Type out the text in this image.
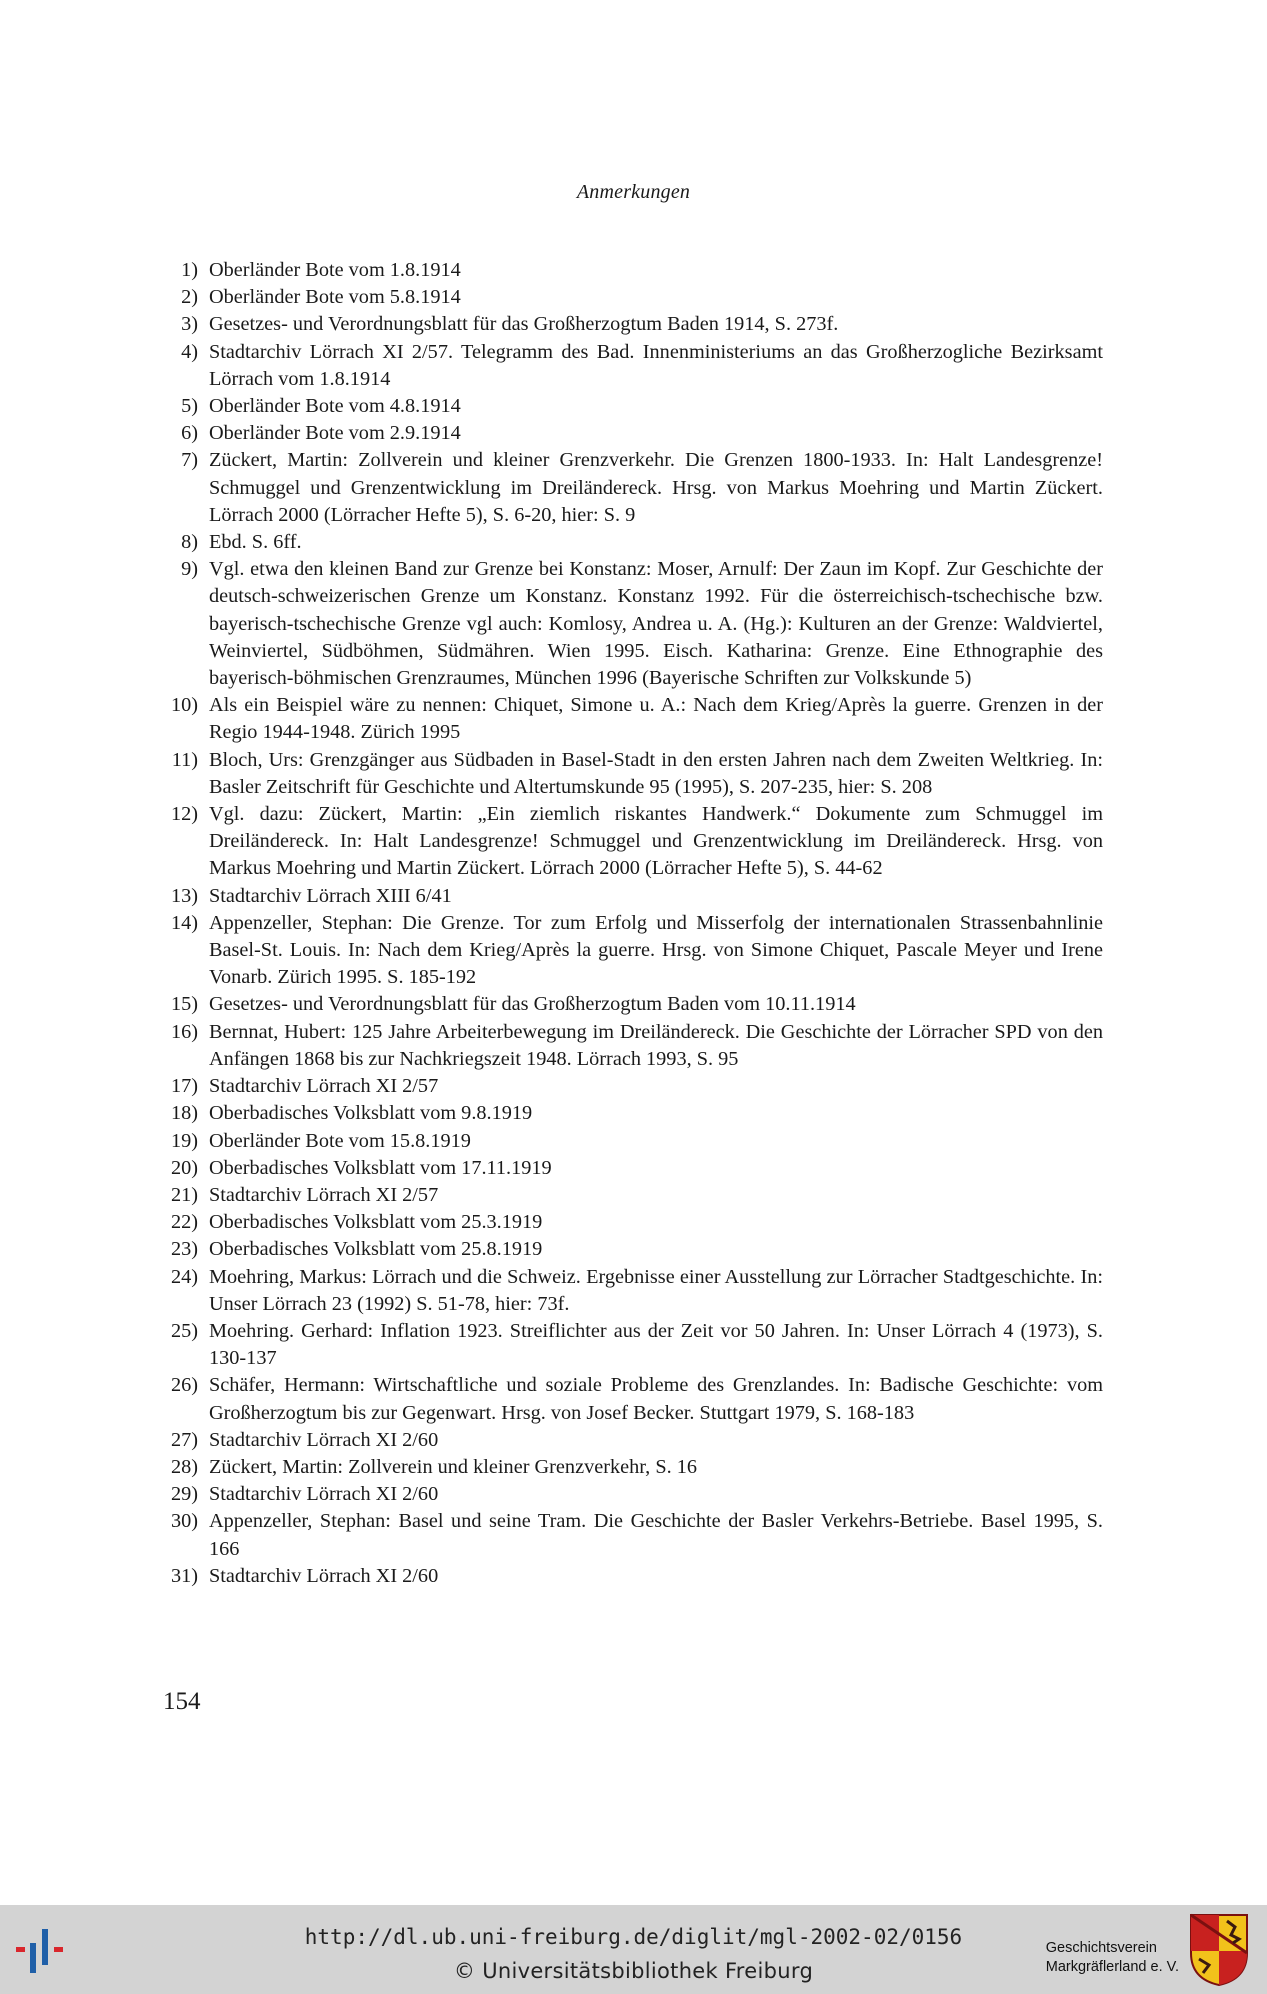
Anmerkungen
1) Oberländer Bote vom 1.8.1914
2) Oberländer Bote vom 5.8.1914
3) Gesetzes- und Verordnungsblatt für das Großherzogtum Baden 1914, S. 273f.
4) Stadtarchiv Lörrach XI 2/57. Telegramm des Bad. Innenministeriums an das Großherzogliche Bezirksamt Lörrach vom 1.8.1914
5) Oberländer Bote vom 4.8.1914
6) Oberländer Bote vom 2.9.1914
7) Zückert, Martin: Zollverein und kleiner Grenzverkehr. Die Grenzen 1800-1933. In: Halt Landesgrenze! Schmuggel und Grenzentwicklung im Dreiländereck. Hrsg. von Markus Moehring und Martin Zückert. Lörrach 2000 (Lörracher Hefte 5), S. 6-20, hier: S. 9
8) Ebd. S. 6ff.
9) Vgl. etwa den kleinen Band zur Grenze bei Konstanz: Moser, Arnulf: Der Zaun im Kopf. Zur Geschichte der deutsch-schweizerischen Grenze um Konstanz. Konstanz 1992. Für die österreichisch-tschechische bzw. bayerisch-tschechische Grenze vgl auch: Komlosy, Andrea u. A. (Hg.): Kulturen an der Grenze: Waldviertel, Weinviertel, Südböhmen, Südmähren. Wien 1995. Eisch. Katharina: Grenze. Eine Ethnographie des bayerisch-böhmischen Grenzraumes, München 1996 (Bayerische Schriften zur Volkskunde 5)
10) Als ein Beispiel wäre zu nennen: Chiquet, Simone u. A.: Nach dem Krieg/Après la guerre. Grenzen in der Regio 1944-1948. Zürich 1995
11) Bloch, Urs: Grenzgänger aus Südbaden in Basel-Stadt in den ersten Jahren nach dem Zweiten Weltkrieg. In: Basler Zeitschrift für Geschichte und Altertumskunde 95 (1995), S. 207-235, hier: S. 208
12) Vgl. dazu: Zückert, Martin: „Ein ziemlich riskantes Handwerk.“ Dokumente zum Schmuggel im Dreiländereck. In: Halt Landesgrenze! Schmuggel und Grenzentwicklung im Dreiländereck. Hrsg. von Markus Moehring und Martin Zückert. Lörrach 2000 (Lörracher Hefte 5), S. 44-62
13) Stadtarchiv Lörrach XIII 6/41
14) Appenzeller, Stephan: Die Grenze. Tor zum Erfolg und Misserfolg der internationalen Strassenbahnlinie Basel-St. Louis. In: Nach dem Krieg/Après la guerre. Hrsg. von Simone Chiquet, Pascale Meyer und Irene Vonarb. Zürich 1995. S. 185-192
15) Gesetzes- und Verordnungsblatt für das Großherzogtum Baden vom 10.11.1914
16) Bernnat, Hubert: 125 Jahre Arbeiterbewegung im Dreiländereck. Die Geschichte der Lörracher SPD von den Anfängen 1868 bis zur Nachkriegszeit 1948. Lörrach 1993, S. 95
17) Stadtarchiv Lörrach XI 2/57
18) Oberbadisches Volksblatt vom 9.8.1919
19) Oberländer Bote vom 15.8.1919
20) Oberbadisches Volksblatt vom 17.11.1919
21) Stadtarchiv Lörrach XI 2/57
22) Oberbadisches Volksblatt vom 25.3.1919
23) Oberbadisches Volksblatt vom 25.8.1919
24) Moehring, Markus: Lörrach und die Schweiz. Ergebnisse einer Ausstellung zur Lörracher Stadtgeschichte. In: Unser Lörrach 23 (1992) S. 51-78, hier: 73f.
25) Moehring. Gerhard: Inflation 1923. Streiflichter aus der Zeit vor 50 Jahren. In: Unser Lörrach 4 (1973), S. 130-137
26) Schäfer, Hermann: Wirtschaftliche und soziale Probleme des Grenzlandes. In: Badische Geschichte: vom Großherzogtum bis zur Gegenwart. Hrsg. von Josef Becker. Stuttgart 1979, S. 168-183
27) Stadtarchiv Lörrach XI 2/60
28) Zückert, Martin: Zollverein und kleiner Grenzverkehr, S. 16
29) Stadtarchiv Lörrach XI 2/60
30) Appenzeller, Stephan: Basel und seine Tram. Die Geschichte der Basler Verkehrs-Betriebe. Basel 1995, S. 166
31) Stadtarchiv Lörrach XI 2/60
154
http://dl.ub.uni-freiburg.de/diglit/mgl-2002-02/0156
© Universitätsbibliothek Freiburg
Geschichtsverein
Markgräflerland e. V.
